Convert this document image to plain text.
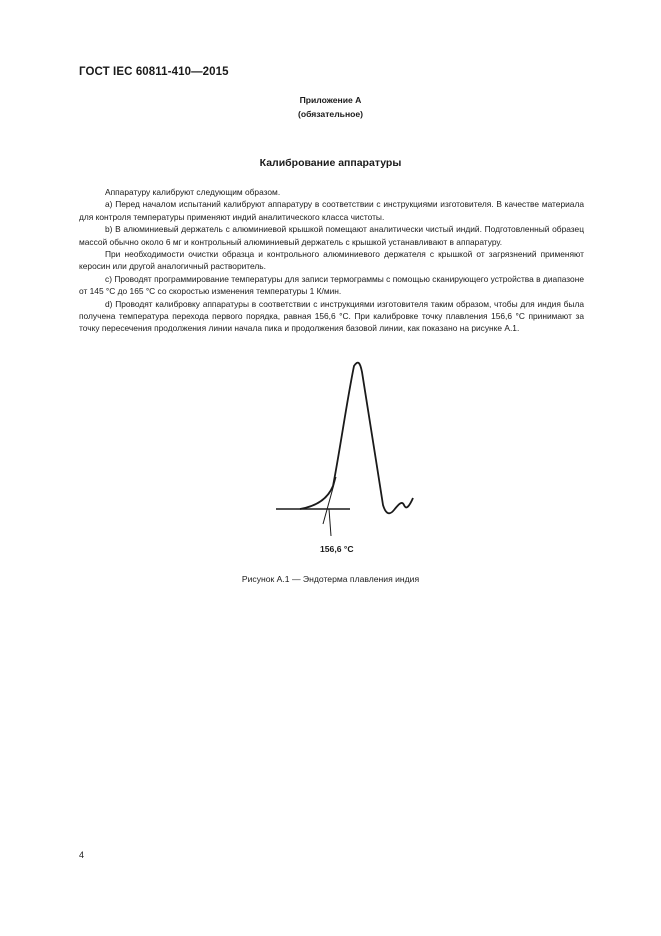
ГОСТ IEC 60811-410—2015
Приложение А
(обязательное)
Калибрование аппаратуры

Аппаратуру калибруют следующим образом.

a) Перед началом испытаний калибруют аппаратуру в соответствии с инструкциями изготовителя. В качестве материала для контроля температуры применяют индий аналитического класса чистоты.

b) В алюминиевый держатель с алюминиевой крышкой помещают аналитически чистый индий. Подготовленный образец массой обычно около 6 мг и контрольный алюминиевый держатель с крышкой устанавливают в аппаратуру.

При необходимости очистки образца и контрольного алюминиевого держателя с крышкой от загрязнений применяют керосин или другой аналогичный растворитель.

c) Проводят программирование температуры для записи термограммы с помощью сканирующего устройства в диапазоне от 145 °С до 165 °С со скоростью изменения температуры 1 К/мин.

d) Проводят калибровку аппаратуры в соответствии с инструкциями изготовителя таким образом, чтобы для индия была получена температура перехода первого порядка, равная 156,6 °С. При калибровке точку плавления 156,6 °С принимают за точку пересечения продолжения линии начала пика и продолжения базовой линии, как показано на рисунке А.1.

156,6 °С
Рисунок А.1 — Эндотерма плавления индия
4
